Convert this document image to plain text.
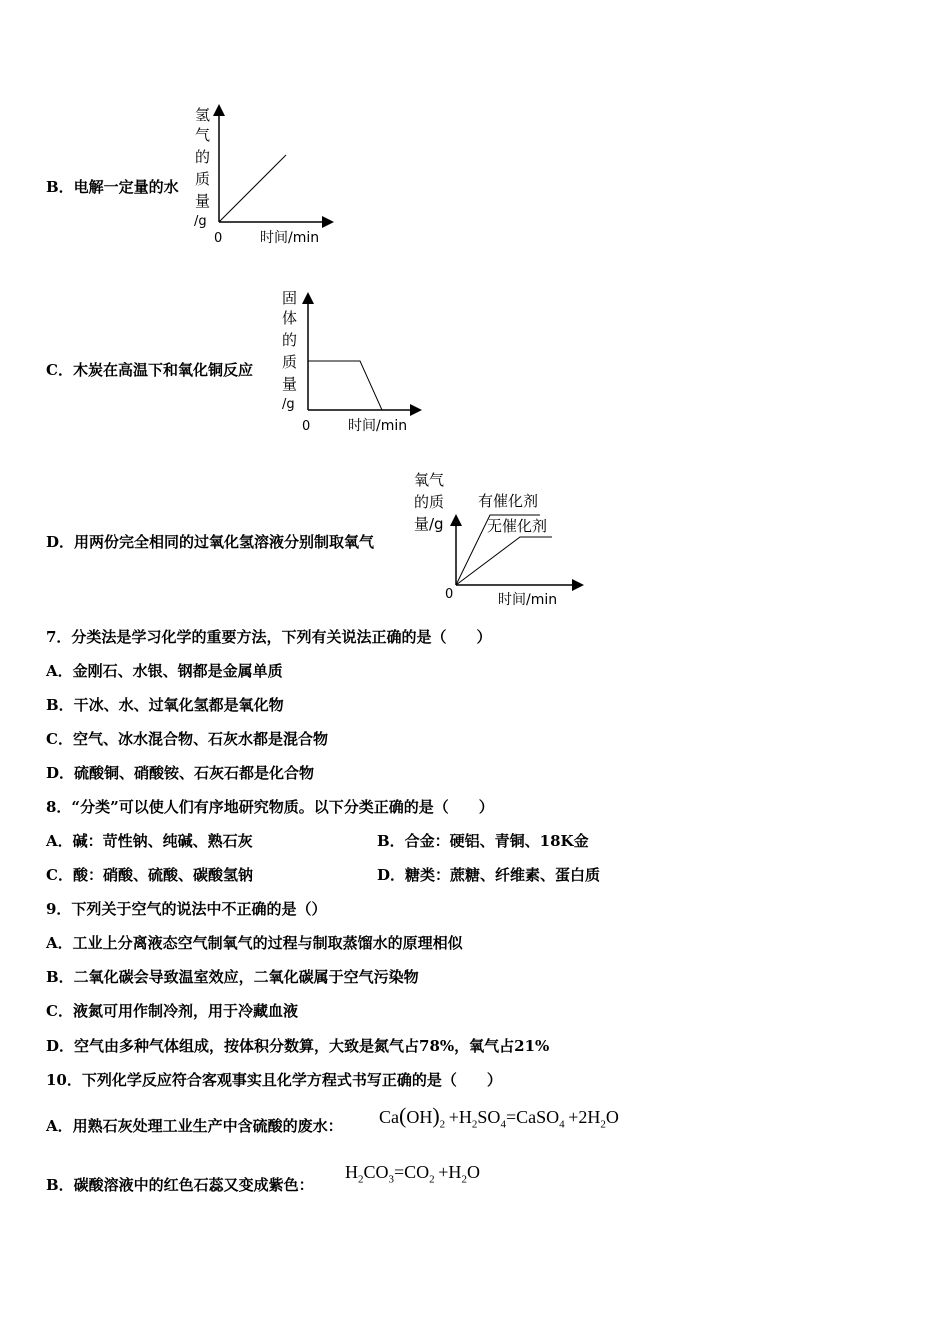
B．电解一定量的水
氢
气
的
质
量
/g
0	时间/min
C．木炭在高温下和氧化铜反应
固
体
的
质
量
/g
0	时间/min
D．用两份完全相同的过氧化氢溶液分别制取氧气
氧气
的质
量/g
有催化剂
无催化剂
0	时间/min
7．分类法是学习化学的重要方法，下列有关说法正确的是（　　）
A．金刚石、水银、钢都是金属单质
B．干冰、水、过氧化氢都是氧化物
C．空气、冰水混合物、石灰水都是混合物
D．硫酸铜、硝酸铵、石灰石都是化合物
8．“分类”可以使人们有序地研究物质。以下分类正确的是（　　）
A．碱：苛性钠、纯碱、熟石灰	B．合金：硬铝、青铜、18K金
C．酸：硝酸、硫酸、碳酸氢钠	D．糖类：蔗糖、纤维素、蛋白质
9．下列关于空气的说法中不正确的是（）
A．工业上分离液态空气制氧气的过程与制取蒸馏水的原理相似
B．二氧化碳会导致温室效应，二氧化碳属于空气污染物
C．液氮可用作制冷剂，用于冷藏血液
D．空气由多种气体组成，按体积分数算，大致是氮气占78%，氧气占21%
10．下列化学反应符合客观事实且化学方程式书写正确的是（　　）
A．用熟石灰处理工业生产中含硫酸的废水： $Ca(OH)_2$ $+H_2SO_4=CaSO_4 +2H_2O$
B．碳酸溶液中的红色石蕊又变成紫色：
$H_2CO_3=CO_2 +H_2O$
